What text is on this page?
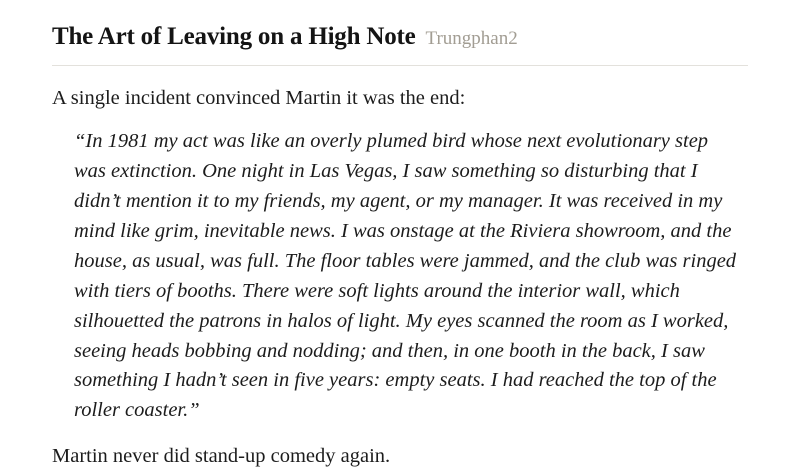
The Art of Leaving on a High Note Trungphan2

A single incident convinced Martin it was the end:

“In 1981 my act was like an overly plumed bird whose next evolutionary step was extinction. One night in Las Vegas, I saw something so disturbing that I didn’t mention it to my friends, my agent, or my manager. It was received in my mind like grim, inevitable news. I was onstage at the Riviera showroom, and the house, as usual, was full. The floor tables were jammed, and the club was ringed with tiers of booths. There were soft lights around the interior wall, which silhouetted the patrons in halos of light. My eyes scanned the room as I worked, seeing heads bobbing and nodding; and then, in one booth in the back, I saw something I hadn’t seen in five years: empty seats. I had reached the top of the roller coaster.”

Martin never did stand-up comedy again.
